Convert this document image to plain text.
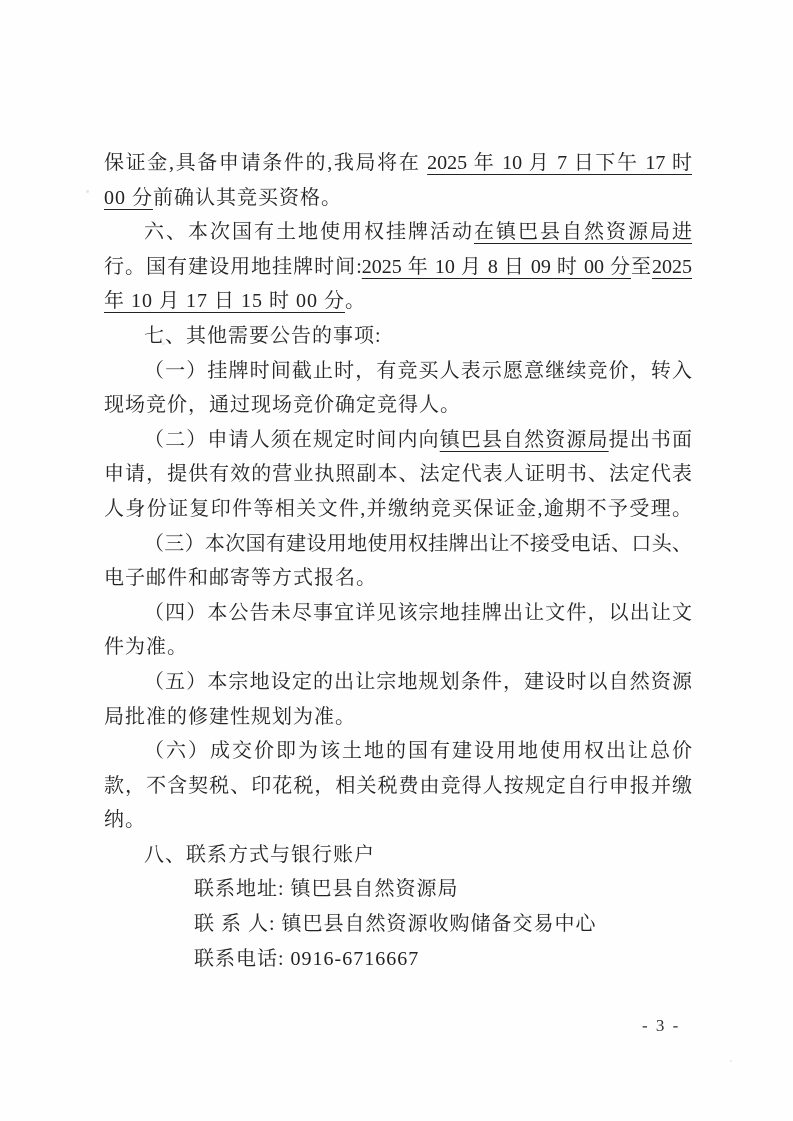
保证金,具备申请条件的,我局将在 2025 年 10 月 7 日下午 17 时
00 分前确认其竞买资格。
六、本次国有土地使用权挂牌活动在镇巴县自然资源局进
行。国有建设用地挂牌时间:2025 年 10 月 8 日 09 时 00 分至2025
年 10 月 17 日 15 时 00 分。
七、其他需要公告的事项:
（一）挂牌时间截止时，有竞买人表示愿意继续竞价，转入
现场竞价，通过现场竞价确定竞得人。
（二）申请人须在规定时间内向镇巴县自然资源局提出书面
申请，提供有效的营业执照副本、法定代表人证明书、法定代表
人身份证复印件等相关文件,并缴纳竞买保证金,逾期不予受理。
（三）本次国有建设用地使用权挂牌出让不接受电话、口头、
电子邮件和邮寄等方式报名。
（四）本公告未尽事宜详见该宗地挂牌出让文件，以出让文
件为准。
（五）本宗地设定的出让宗地规划条件，建设时以自然资源
局批准的修建性规划为准。
（六）成交价即为该土地的国有建设用地使用权出让总价
款，不含契税、印花税，相关税费由竞得人按规定自行申报并缴
纳。
八、联系方式与银行账户
联系地址: 镇巴县自然资源局
联 系 人: 镇巴县自然资源收购储备交易中心
联系电话: 0916-6716667
- 3 -
